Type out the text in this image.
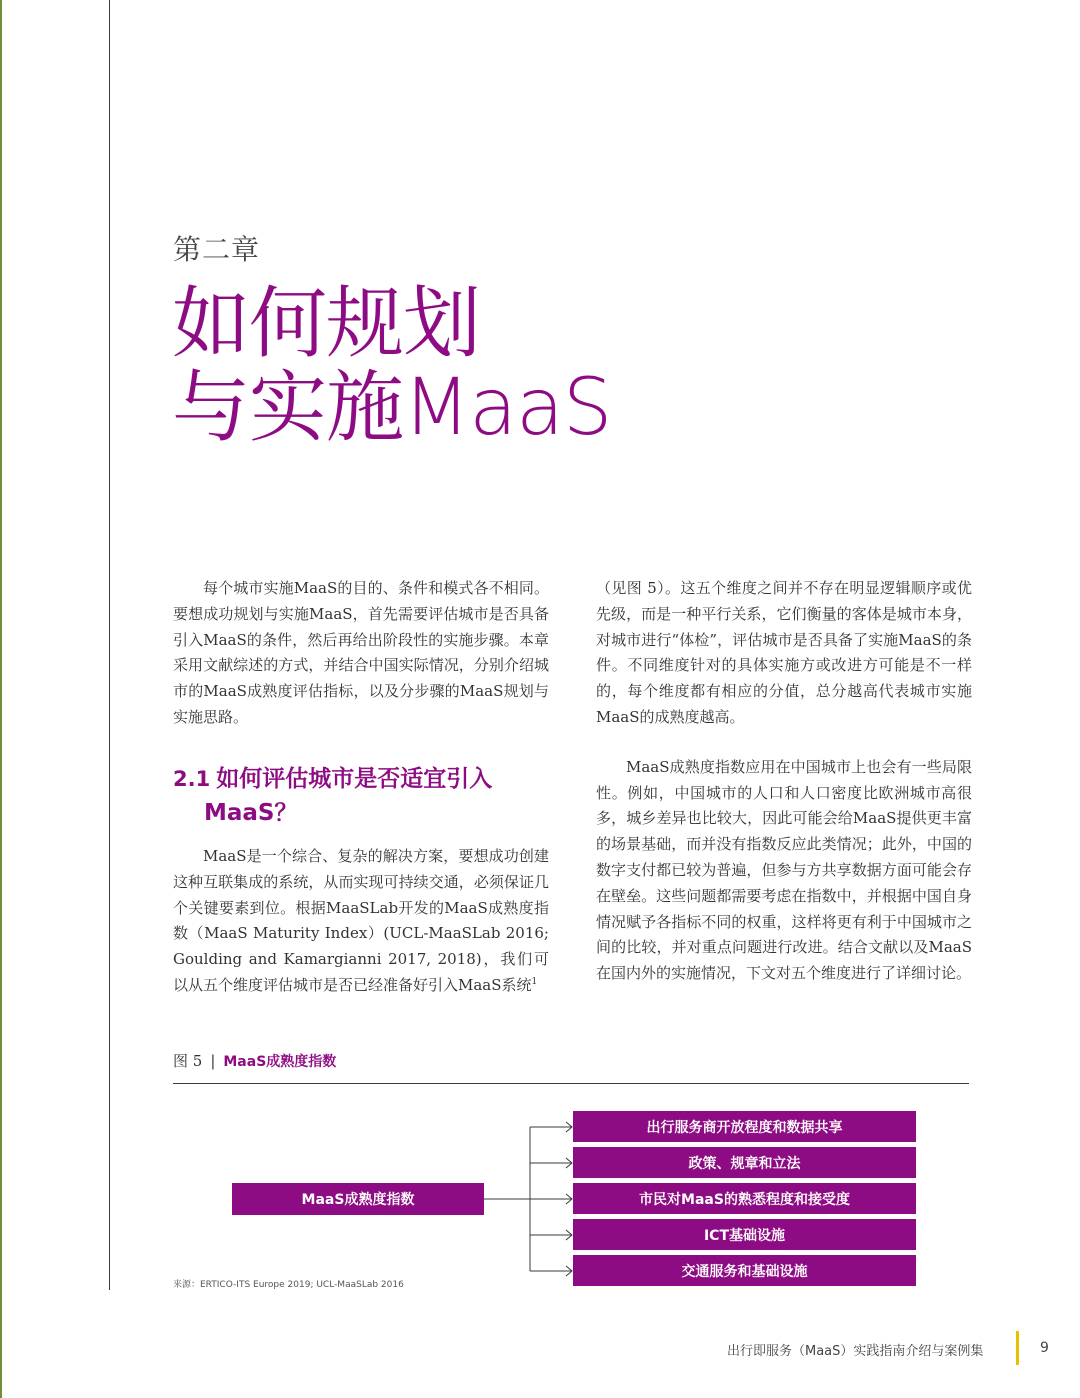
第二章
如何规划
与实施MaaS

每个城市实施MaaS的目的、条件和模式各不相同。要想成功规划与实施MaaS，首先需要评估城市是否具备引入MaaS的条件，然后再给出阶段性的实施步骤。本章采用文献综述的方式，并结合中国实际情况，分别介绍城市的MaaS成熟度评估指标，以及分步骤的MaaS规划与实施思路。

2.1 如何评估城市是否适宜引入
MaaS？

MaaS是一个综合、复杂的解决方案，要想成功创建这种互联集成的系统，从而实现可持续交通，必须保证几个关键要素到位。根据MaaSLab开发的MaaS成熟度指数（MaaS Maturity Index）(UCL-MaaSLab 2016; Goulding and Kamargianni 2017, 2018)，我们可以从五个维度评估城市是否已经准备好引入MaaS系统$^1$

（见图 5）。这五个维度之间并不存在明显逻辑顺序或优先级，而是一种平行关系，它们衡量的客体是城市本身，对城市进行“体检”，评估城市是否具备了实施MaaS的条件。不同维度针对的具体实施方或改进方可能是不一样的，每个维度都有相应的分值，总分越高代表城市实施MaaS的成熟度越高。

MaaS成熟度指数应用在中国城市上也会有一些局限性。例如，中国城市的人口和人口密度比欧洲城市高很多，城乡差异也比较大，因此可能会给MaaS提供更丰富的场景基础，而并没有指数反应此类情况；此外，中国的数字支付都已较为普遍，但参与方共享数据方面可能会存在壁垒。这些问题都需要考虑在指数中，并根据中国自身情况赋予各指标不同的权重，这样将更有利于中国城市之间的比较，并对重点问题进行改进。结合文献以及MaaS在国内外的实施情况，下文对五个维度进行了详细讨论。

图 5 | MaaS成熟度指数
MaaS成熟度指数
出行服务商开放程度和数据共享
政策、规章和立法
市民对MaaS的熟悉程度和接受度
ICT基础设施
交通服务和基础设施
来源：ERTICO-ITS Europe 2019; UCL-MaaSLab 2016
出行即服务（MaaS）实践指南介绍与案例集	9
